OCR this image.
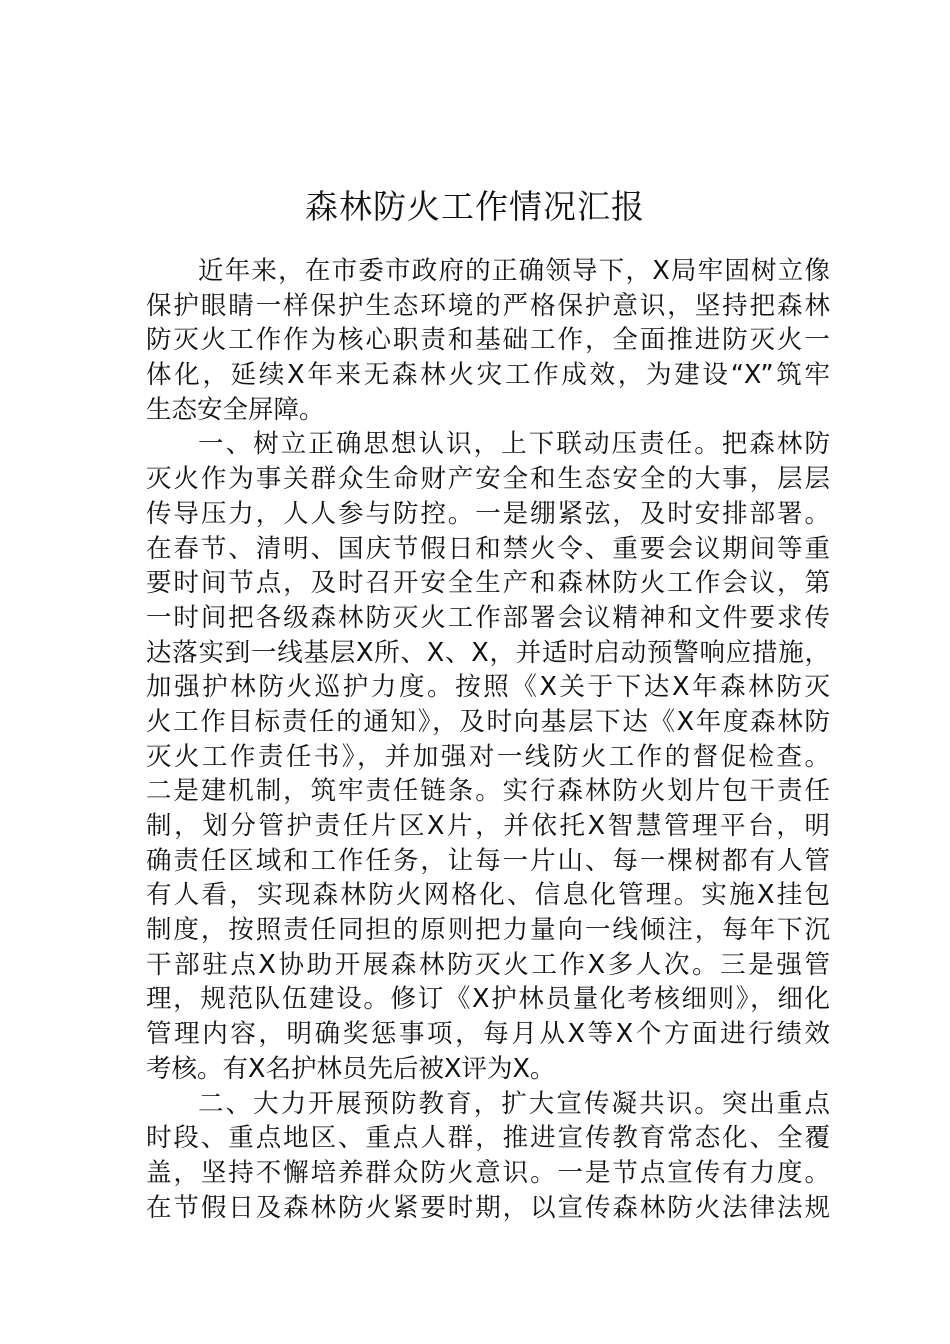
森林防火工作情况汇报
近年来，在市委市政府的正确领导下，X局牢固树立像
保护眼睛一样保护生态环境的严格保护意识，坚持把森林
防灭火工作作为核心职责和基础工作，全面推进防灭火一
体化，延续X年来无森林火灾工作成效，为建设“X”筑牢
生态安全屏障。
一、树立正确思想认识，上下联动压责任。把森林防
灭火作为事关群众生命财产安全和生态安全的大事，层层
传导压力，人人参与防控。一是绷紧弦，及时安排部署。
在春节、清明、国庆节假日和禁火令、重要会议期间等重
要时间节点，及时召开安全生产和森林防火工作会议，第
一时间把各级森林防灭火工作部署会议精神和文件要求传
达落实到一线基层X所、X、X，并适时启动预警响应措施，
加强护林防火巡护力度。按照《X关于下达X年森林防灭
火工作目标责任的通知》，及时向基层下达《X年度森林防
灭火工作责任书》，并加强对一线防火工作的督促检查。
二是建机制，筑牢责任链条。实行森林防火划片包干责任
制，划分管护责任片区X片，并依托X智慧管理平台，明
确责任区域和工作任务，让每一片山、每一棵树都有人管
有人看，实现森林防火网格化、信息化管理。实施X挂包
制度，按照责任同担的原则把力量向一线倾注，每年下沉
干部驻点X协助开展森林防灭火工作X多人次。三是强管
理，规范队伍建设。修订《X护林员量化考核细则》，细化
管理内容，明确奖惩事项，每月从X等X个方面进行绩效
考核。有X名护林员先后被X评为X。
二、大力开展预防教育，扩大宣传凝共识。突出重点
时段、重点地区、重点人群，推进宣传教育常态化、全覆
盖，坚持不懈培养群众防火意识。一是节点宣传有力度。
在节假日及森林防火紧要时期，以宣传森林防火法律法规
